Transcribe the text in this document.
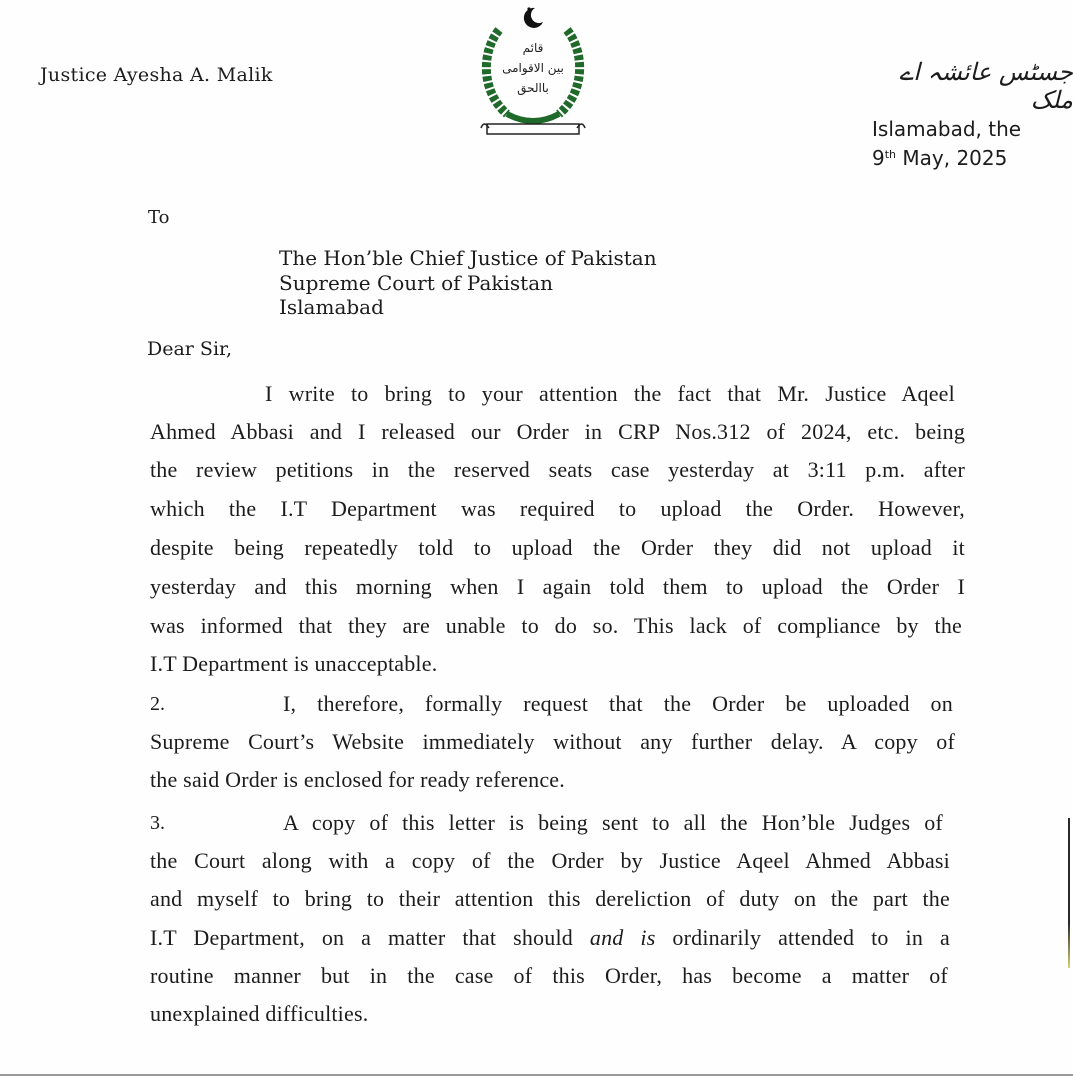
Justice Ayesha A. Malik
قائم
بین الاقوامی
باالحق
جسٹس عائشہ اے ملک
Islamabad, the
9th May, 2025
To
The Hon’ble Chief Justice of Pakistan
Supreme Court of Pakistan
Islamabad
Dear Sir,
I write to bring to your attention the fact that Mr. Justice Aqeel
Ahmed Abbasi and I released our Order in CRP Nos.312 of 2024, etc. being
the review petitions in the reserved seats case yesterday at 3:11 p.m. after
which the I.T Department was required to upload the Order. However,
despite being repeatedly told to upload the Order they did not upload it
yesterday and this morning when I again told them to upload the Order I
was informed that they are unable to do so. This lack of compliance by the
I.T Department is unacceptable.
2.	I, therefore, formally request that the Order be uploaded on
Supreme Court’s Website immediately without any further delay. A copy of
the said Order is enclosed for ready reference.
3.	A copy of this letter is being sent to all the Hon’ble Judges of
the Court along with a copy of the Order by Justice Aqeel Ahmed Abbasi
and myself to bring to their attention this dereliction of duty on the part the
I.T Department, on a matter that should and is ordinarily attended to in a
routine manner but in the case of this Order, has become a matter of
unexplained difficulties.
